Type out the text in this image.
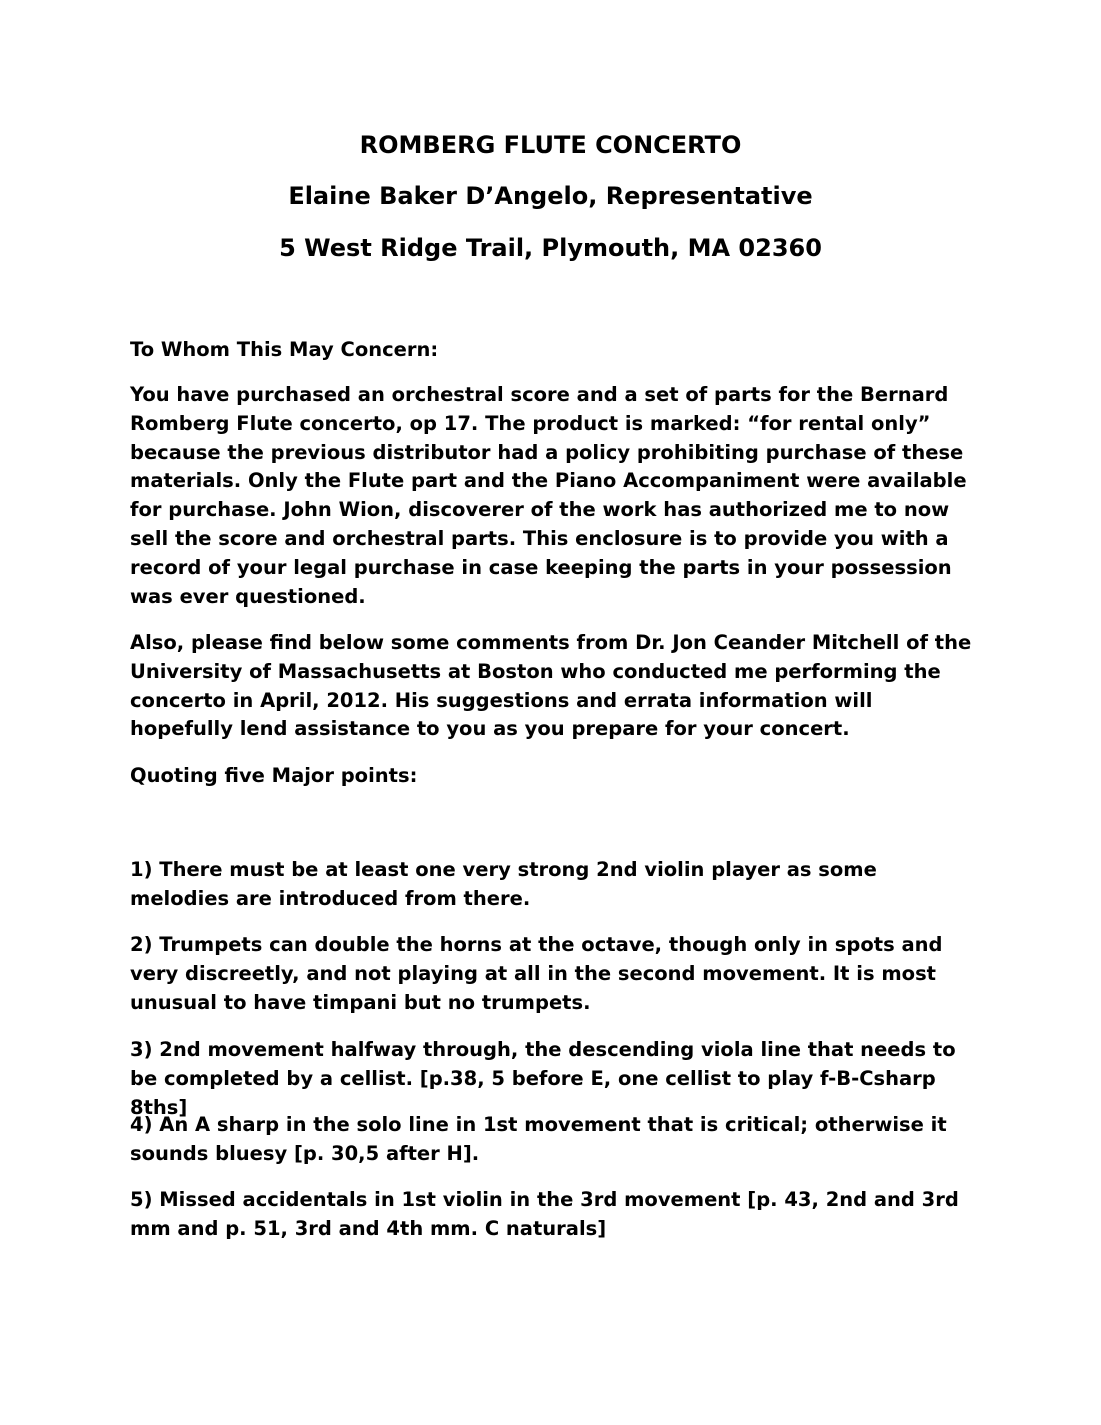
ROMBERG FLUTE CONCERTO
Elaine Baker D’Angelo, Representative
5 West Ridge Trail, Plymouth, MA 02360

To Whom This May Concern:

You have purchased an orchestral score and a set of parts for the Bernard Romberg Flute concerto, op 17. The product is marked: “for rental only” because the previous distributor had a policy prohibiting purchase of these materials. Only the Flute part and the Piano Accompaniment were available for purchase. John Wion, discoverer of the work has authorized me to now sell the score and orchestral parts. This enclosure is to provide you with a record of your legal purchase in case keeping the parts in your possession was ever questioned.

Also, please find below some comments from Dr. Jon Ceander Mitchell of the University of Massachusetts at Boston who conducted me performing the concerto in April, 2012. His suggestions and errata information will hopefully lend assistance to you as you prepare for your concert.

Quoting five Major points:

1) There must be at least one very strong 2nd violin player as some melodies are introduced from there.

2) Trumpets can double the horns at the octave, though only in spots and very discreetly, and not playing at all in the second movement. It is most unusual to have timpani but no trumpets.

3) 2nd movement halfway through, the descending viola line that needs to be completed by a cellist. [p.38, 5 before E, one cellist to play f-B-Csharp 8ths]

4) An A sharp in the solo line in 1st movement that is critical; otherwise it sounds bluesy [p. 30,5 after H].

5) Missed accidentals in 1st violin in the 3rd movement [p. 43, 2nd and 3rd mm and p. 51, 3rd and 4th mm. C naturals]
